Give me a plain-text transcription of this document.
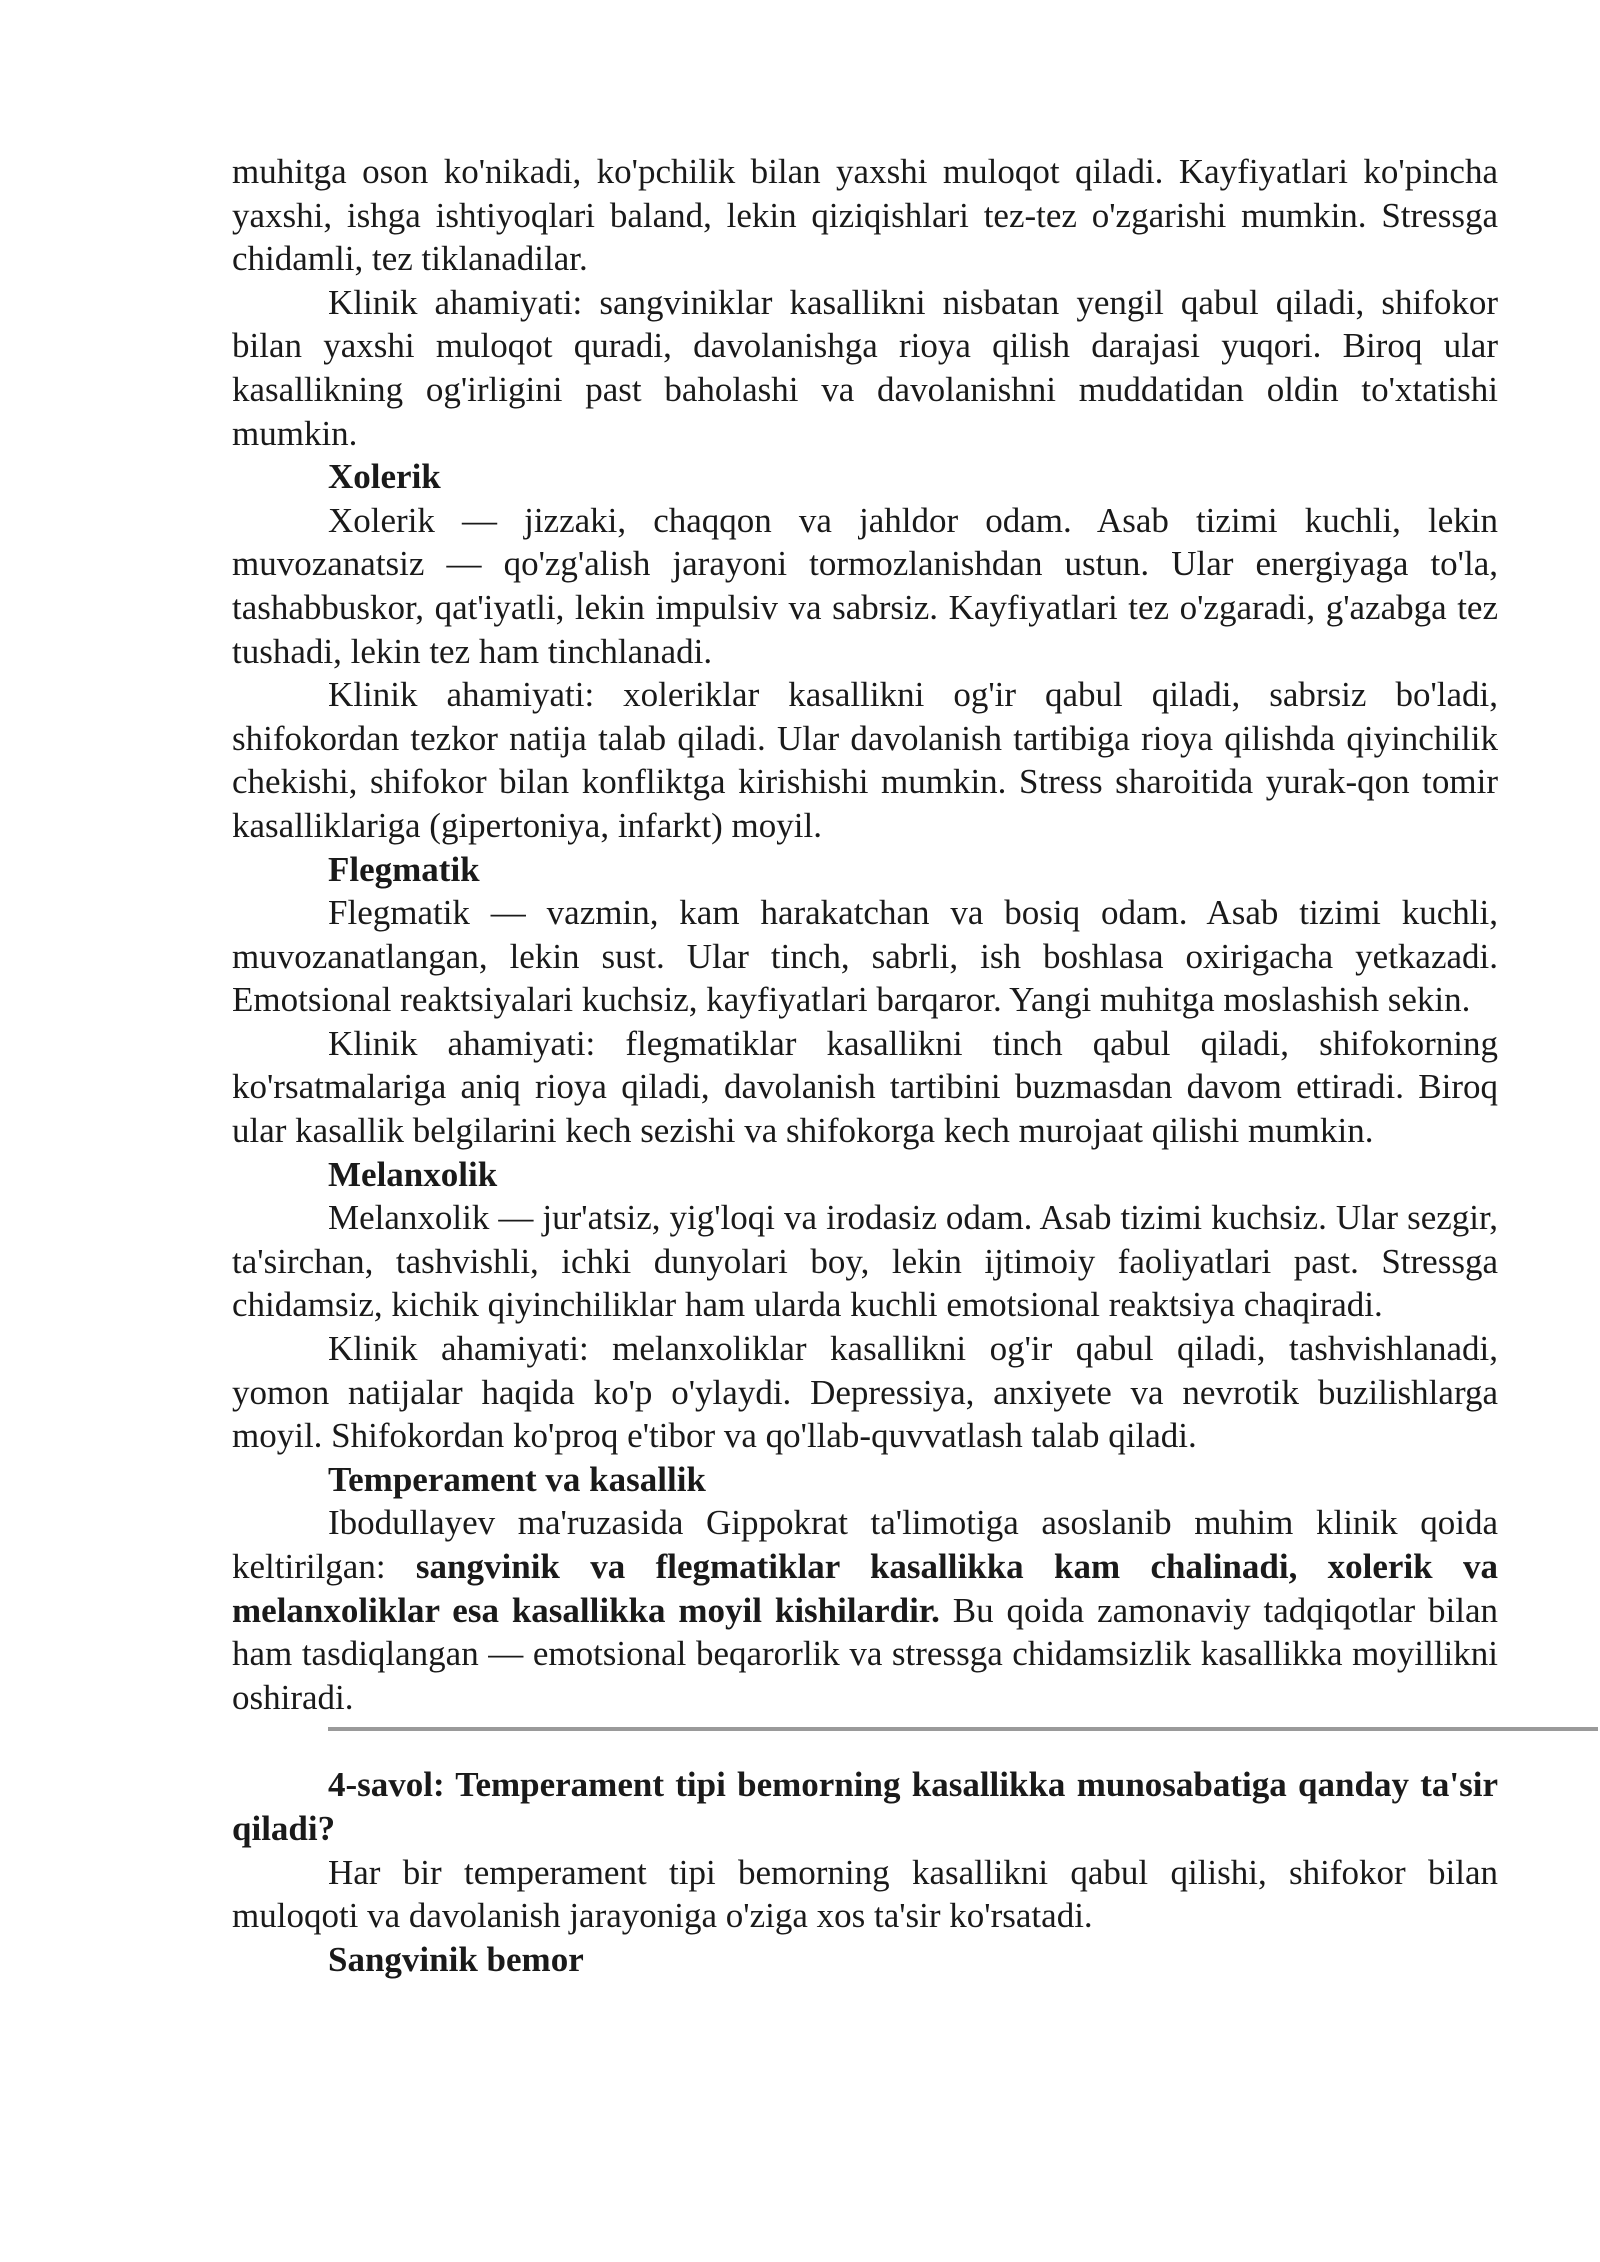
muhitga oson ko'nikadi, ko'pchilik bilan yaxshi muloqot qiladi. Kayfiyatlari ko'pincha yaxshi, ishga ishtiyoqlari baland, lekin qiziqishlari tez-tez o'zgarishi mumkin. Stressga chidamli, tez tiklanadilar.

Klinik ahamiyati: sangviniklar kasallikni nisbatan yengil qabul qiladi, shifokor bilan yaxshi muloqot quradi, davolanishga rioya qilish darajasi yuqori. Biroq ular kasallikning og'irligini past baholashi va davolanishni muddatidan oldin to'xtatishi mumkin.

Xolerik

Xolerik — jizzaki, chaqqon va jahldor odam. Asab tizimi kuchli, lekin muvozanatsiz — qo'zg'alish jarayoni tormozlanishdan ustun. Ular energiyaga to'la, tashabbuskor, qat'iyatli, lekin impulsiv va sabrsiz. Kayfiyatlari tez o'zgaradi, g'azabga tez tushadi, lekin tez ham tinchlanadi.

Klinik ahamiyati: xoleriklar kasallikni og'ir qabul qiladi, sabrsiz bo'ladi, shifokordan tezkor natija talab qiladi. Ular davolanish tartibiga rioya qilishda qiyinchilik chekishi, shifokor bilan konfliktga kirishishi mumkin. Stress sharoitida yurak-qon tomir kasalliklariga (gipertoniya, infarkt) moyil.

Flegmatik

Flegmatik — vazmin, kam harakatchan va bosiq odam. Asab tizimi kuchli, muvozanatlangan, lekin sust. Ular tinch, sabrli, ish boshlasa oxirigacha yetkazadi. Emotsional reaktsiyalari kuchsiz, kayfiyatlari barqaror. Yangi muhitga moslashish sekin.

Klinik ahamiyati: flegmatiklar kasallikni tinch qabul qiladi, shifokorning ko'rsatmalariga aniq rioya qiladi, davolanish tartibini buzmasdan davom ettiradi. Biroq ular kasallik belgilarini kech sezishi va shifokorga kech murojaat qilishi mumkin.

Melanxolik

Melanxolik — jur'atsiz, yig'loqi va irodasiz odam. Asab tizimi kuchsiz. Ular sezgir, ta'sirchan, tashvishli, ichki dunyolari boy, lekin ijtimoiy faoliyatlari past. Stressga chidamsiz, kichik qiyinchiliklar ham ularda kuchli emotsional reaktsiya chaqiradi.

Klinik ahamiyati: melanxoliklar kasallikni og'ir qabul qiladi, tashvishlanadi, yomon natijalar haqida ko'p o'ylaydi. Depressiya, anxiyete va nevrotik buzilishlarga moyil. Shifokordan ko'proq e'tibor va qo'llab-quvvatlash talab qiladi.

Temperament va kasallik

Ibodullayev ma'ruzasida Gippokrat ta'limotiga asoslanib muhim klinik qoida keltirilgan: sangvinik va flegmatiklar kasallikka kam chalinadi, xolerik va melanxoliklar esa kasallikka moyil kishilardir. Bu qoida zamonaviy tadqiqotlar bilan ham tasdiqlangan — emotsional beqarorlik va stressga chidamsizlik kasallikka moyillikni oshiradi.

4-savol: Temperament tipi bemorning kasallikka munosabatiga qanday ta'sir qiladi?

Har bir temperament tipi bemorning kasallikni qabul qilishi, shifokor bilan muloqoti va davolanish jarayoniga o'ziga xos ta'sir ko'rsatadi.

Sangvinik bemor
